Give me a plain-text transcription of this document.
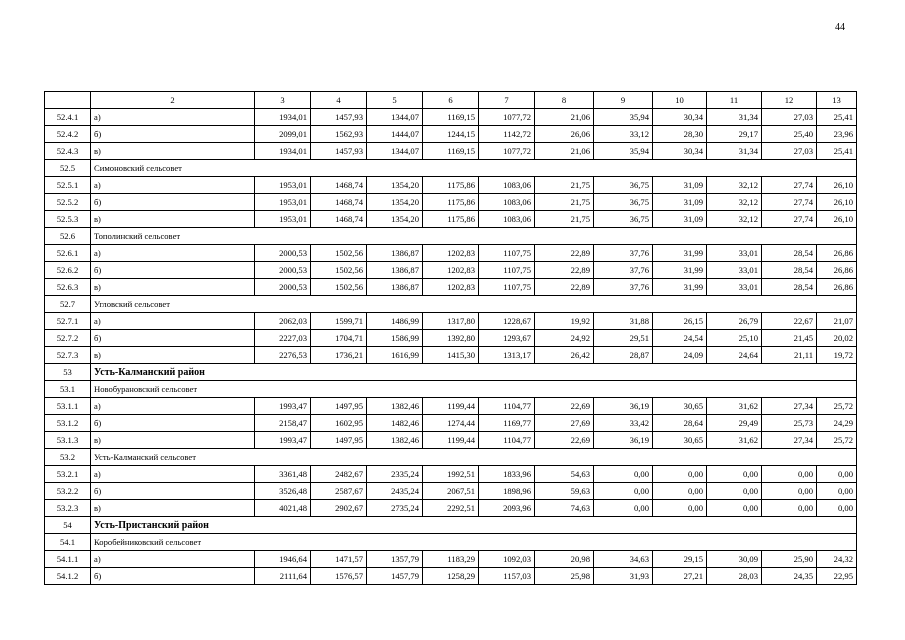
44
	2	3	4	5	6	7	8	9	10	11	12	13
52.4.1	а)	1934,01	1457,93	1344,07	1169,15	1077,72	21,06	35,94	30,34	31,34	27,03	25,41
52.4.2	б)	2099,01	1562,93	1444,07	1244,15	1142,72	26,06	33,12	28,30	29,17	25,40	23,96
52.4.3	в)	1934,01	1457,93	1344,07	1169,15	1077,72	21,06	35,94	30,34	31,34	27,03	25,41
52.5	Симоновский сельсовет											
52.5.1	а)	1953,01	1468,74	1354,20	1175,86	1083,06	21,75	36,75	31,09	32,12	27,74	26,10
52.5.2	б)	1953,01	1468,74	1354,20	1175,86	1083,06	21,75	36,75	31,09	32,12	27,74	26,10
52.5.3	в)	1953,01	1468,74	1354,20	1175,86	1083,06	21,75	36,75	31,09	32,12	27,74	26,10
52.6	Тополинский сельсовет											
52.6.1	а)	2000,53	1502,56	1386,87	1202,83	1107,75	22,89	37,76	31,99	33,01	28,54	26,86
52.6.2	б)	2000,53	1502,56	1386,87	1202,83	1107,75	22,89	37,76	31,99	33,01	28,54	26,86
52.6.3	в)	2000,53	1502,56	1386,87	1202,83	1107,75	22,89	37,76	31,99	33,01	28,54	26,86
52.7	Угловский сельсовет											
52.7.1	а)	2062,03	1599,71	1486,99	1317,80	1228,67	19,92	31,88	26,15	26,79	22,67	21,07
52.7.2	б)	2227,03	1704,71	1586,99	1392,80	1293,67	24,92	29,51	24,54	25,10	21,45	20,02
52.7.3	в)	2276,53	1736,21	1616,99	1415,30	1313,17	26,42	28,87	24,09	24,64	21,11	19,72
53	Усть-Калманский район											
53.1	Новобурановский сельсовет											
53.1.1	а)	1993,47	1497,95	1382,46	1199,44	1104,77	22,69	36,19	30,65	31,62	27,34	25,72
53.1.2	б)	2158,47	1602,95	1482,46	1274,44	1169,77	27,69	33,42	28,64	29,49	25,73	24,29
53.1.3	в)	1993,47	1497,95	1382,46	1199,44	1104,77	22,69	36,19	30,65	31,62	27,34	25,72
53.2	Усть-Калманский сельсовет											
53.2.1	а)	3361,48	2482,67	2335,24	1992,51	1833,96	54,63	0,00	0,00	0,00	0,00	0,00
53.2.2	б)	3526,48	2587,67	2435,24	2067,51	1898,96	59,63	0,00	0,00	0,00	0,00	0,00
53.2.3	в)	4021,48	2902,67	2735,24	2292,51	2093,96	74,63	0,00	0,00	0,00	0,00	0,00
54	Усть-Пристанский район											
54.1	Коробейниковский сельсовет											
54.1.1	а)	1946,64	1471,57	1357,79	1183,29	1092,03	20,98	34,63	29,15	30,09	25,90	24,32
54.1.2	б)	2111,64	1576,57	1457,79	1258,29	1157,03	25,98	31,93	27,21	28,03	24,35	22,95
